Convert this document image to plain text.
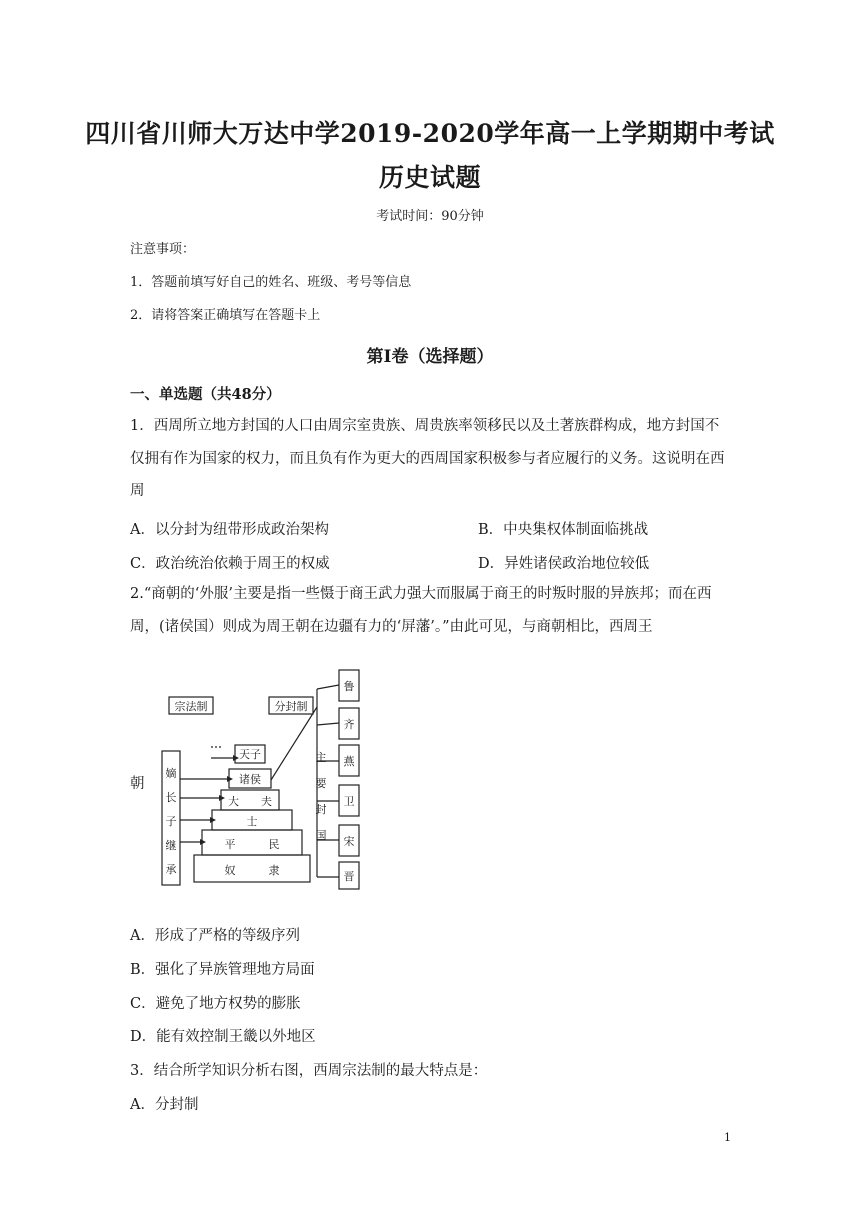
四川省川师大万达中学2019-2020学年高一上学期期中考试
历史试题
考试时间：90分钟
注意事项：
1．答题前填写好自己的姓名、班级、考号等信息
2．请将答案正确填写在答题卡上
第I卷（选择题）
一、单选题（共48分）
1．西周所立地方封国的人口由周宗室贵族、周贵族率领移民以及土著族群构成，地方封国不仅拥有作为国家的权力，而且负有作为更大的西周国家积极参与者应履行的义务。这说明在西周
A．以分封为纽带形成政治架构	B．中央集权体制面临挑战
C．政治统治依赖于周王的权威	D．异姓诸侯政治地位较低
2.“商朝的‘外服’主要是指一些慑于商王武力强大而服属于商王的时叛时服的异族邦；而在西周，(诸侯国）则成为周王朝在边疆有力的‘屏藩’。”由此可见，与商朝相比，西周王
朝
宗法制	分封制
嫡
长
子
继
承
天子
诸侯
大　　夫
士
平　　　民
奴　　　隶
主
要
封
国
鲁
齐
燕
卫
宋
晋
A．形成了严格的等级序列
B．强化了异族管理地方局面
C．避免了地方权势的膨胀
D．能有效控制王畿以外地区
3．结合所学知识分析右图，西周宗法制的最大特点是：
A．分封制
1
